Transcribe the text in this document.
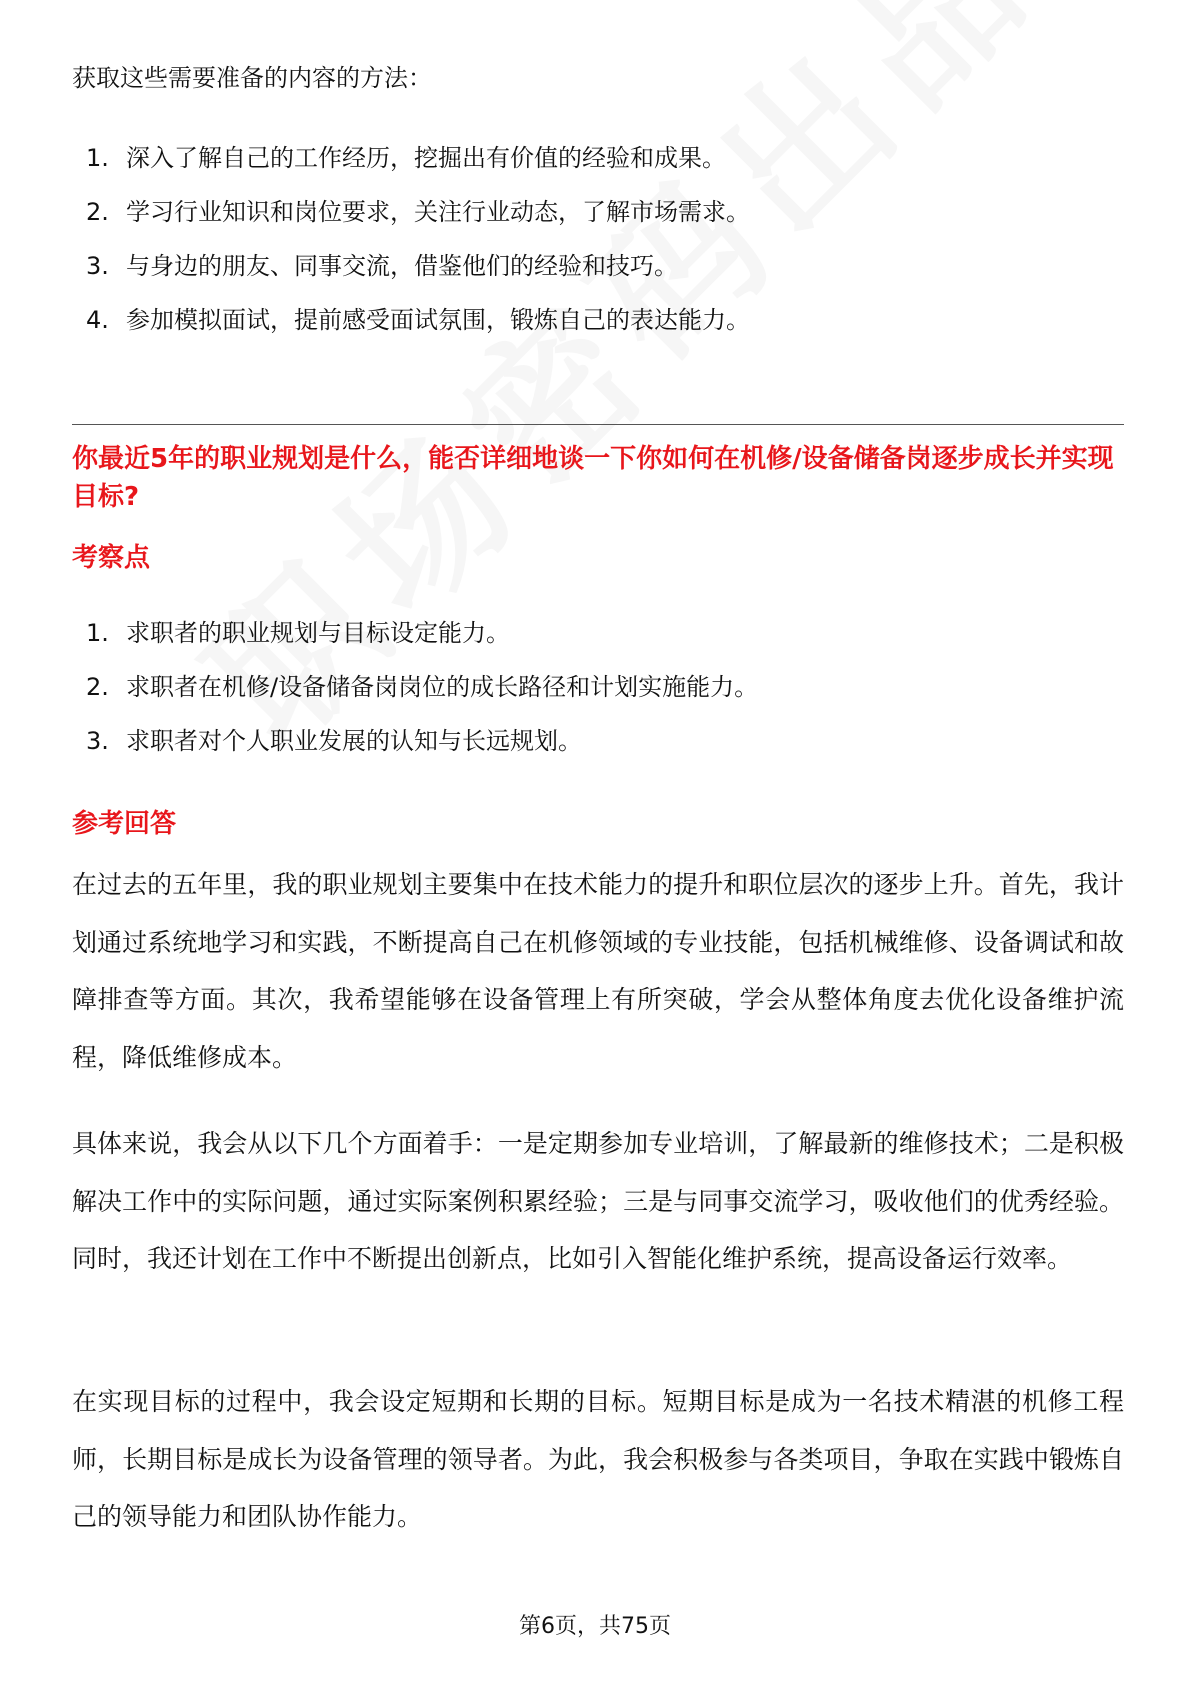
获取这些需要准备的内容的方法：
1. 深入了解自己的工作经历，挖掘出有价值的经验和成果。
2. 学习行业知识和岗位要求，关注行业动态，了解市场需求。
3. 与身边的朋友、同事交流，借鉴他们的经验和技巧。
4. 参加模拟面试，提前感受面试氛围，锻炼自己的表达能力。
你最近5年的职业规划是什么，能否详细地谈一下你如何在机修/设备储备岗逐步成长并实现目标?
考察点
1. 求职者的职业规划与目标设定能力。
2. 求职者在机修/设备储备岗岗位的成长路径和计划实施能力。
3. 求职者对个人职业发展的认知与长远规划。
参考回答

在过去的五年里，我的职业规划主要集中在技术能力的提升和职位层次的逐步上升。首先，我计划通过系统地学习和实践，不断提高自己在机修领域的专业技能，包括机械维修、设备调试和故障排查等方面。其次，我希望能够在设备管理上有所突破，学会从整体角度去优化设备维护流程，降低维修成本。

具体来说，我会从以下几个方面着手：一是定期参加专业培训，了解最新的维修技术；二是积极解决工作中的实际问题，通过实际案例积累经验；三是与同事交流学习，吸收他们的优秀经验。同时，我还计划在工作中不断提出创新点，比如引入智能化维护系统，提高设备运行效率。

在实现目标的过程中，我会设定短期和长期的目标。短期目标是成为一名技术精湛的机修工程师，长期目标是成长为设备管理的领导者。为此，我会积极参与各类项目，争取在实践中锻炼自己的领导能力和团队协作能力。

第6页，共75页
